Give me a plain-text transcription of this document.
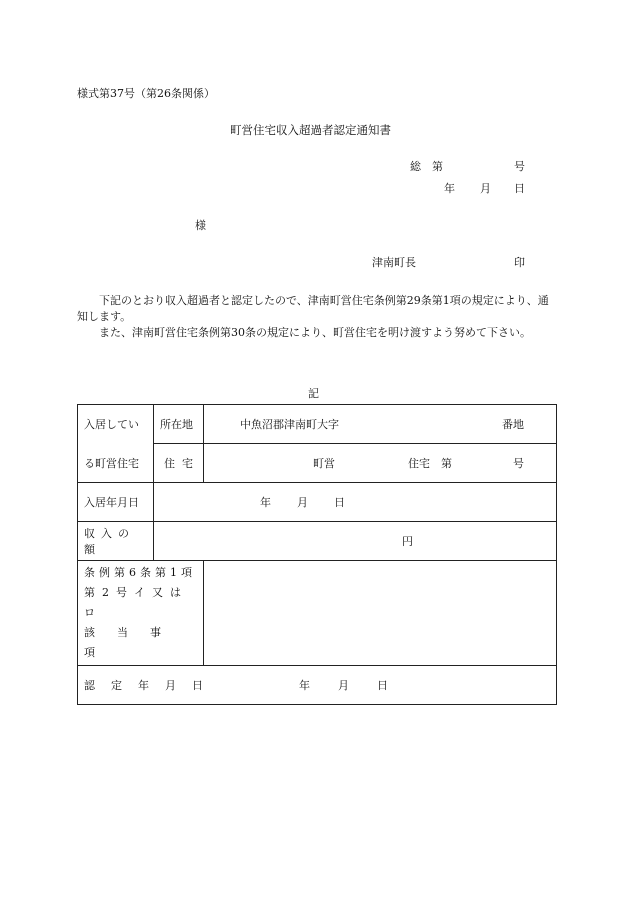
様式第37号（第26条関係）
町営住宅収入超過者認定通知書
総　第	号
年 月 日
様
津南町長	印

下記のとおり収入超過者と認定したので、津南町営住宅条例第29条第1項の規定により、通知します。

また、津南町営住宅条例第30条の規定により、町営住宅を明け渡すよう努めて下さい。

記
入居してい	所在地	中魚沼郡津南町大字 番地

る町営住宅	住 宅	町営 住宅　第 号

入居年月日	年 月 日	

収入の額	円	

条例第6条第1項
第2号イ又はロ
該当事項		

認定年月日 年 月 日		
